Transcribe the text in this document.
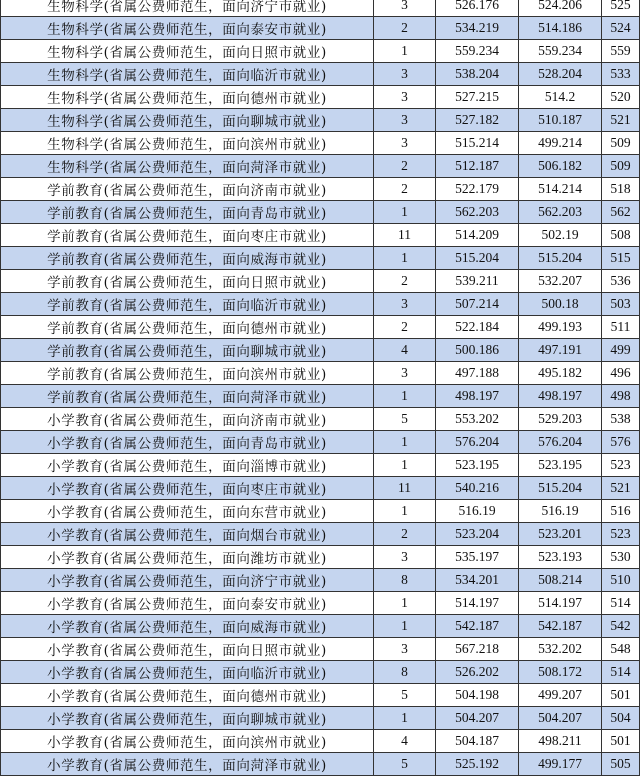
生物科学(省属公费师范生，面向济宁市就业)	3	526.176	524.206	525
生物科学(省属公费师范生，面向泰安市就业)	2	534.219	514.186	524
生物科学(省属公费师范生，面向日照市就业)	1	559.234	559.234	559
生物科学(省属公费师范生，面向临沂市就业)	3	538.204	528.204	533
生物科学(省属公费师范生，面向德州市就业)	3	527.215	514.2	520
生物科学(省属公费师范生，面向聊城市就业)	3	527.182	510.187	521
生物科学(省属公费师范生，面向滨州市就业)	3	515.214	499.214	509
生物科学(省属公费师范生，面向菏泽市就业)	2	512.187	506.182	509
学前教育(省属公费师范生，面向济南市就业)	2	522.179	514.214	518
学前教育(省属公费师范生，面向青岛市就业)	1	562.203	562.203	562
学前教育(省属公费师范生，面向枣庄市就业)	11	514.209	502.19	508
学前教育(省属公费师范生，面向威海市就业)	1	515.204	515.204	515
学前教育(省属公费师范生，面向日照市就业)	2	539.211	532.207	536
学前教育(省属公费师范生，面向临沂市就业)	3	507.214	500.18	503
学前教育(省属公费师范生，面向德州市就业)	2	522.184	499.193	511
学前教育(省属公费师范生，面向聊城市就业)	4	500.186	497.191	499
学前教育(省属公费师范生，面向滨州市就业)	3	497.188	495.182	496
学前教育(省属公费师范生，面向菏泽市就业)	1	498.197	498.197	498
小学教育(省属公费师范生，面向济南市就业)	5	553.202	529.203	538
小学教育(省属公费师范生，面向青岛市就业)	1	576.204	576.204	576
小学教育(省属公费师范生，面向淄博市就业)	1	523.195	523.195	523
小学教育(省属公费师范生，面向枣庄市就业)	11	540.216	515.204	521
小学教育(省属公费师范生，面向东营市就业)	1	516.19	516.19	516
小学教育(省属公费师范生，面向烟台市就业)	2	523.204	523.201	523
小学教育(省属公费师范生，面向潍坊市就业)	3	535.197	523.193	530
小学教育(省属公费师范生，面向济宁市就业)	8	534.201	508.214	510
小学教育(省属公费师范生，面向泰安市就业)	1	514.197	514.197	514
小学教育(省属公费师范生，面向威海市就业)	1	542.187	542.187	542
小学教育(省属公费师范生，面向日照市就业)	3	567.218	532.202	548
小学教育(省属公费师范生，面向临沂市就业)	8	526.202	508.172	514
小学教育(省属公费师范生，面向德州市就业)	5	504.198	499.207	501
小学教育(省属公费师范生，面向聊城市就业)	1	504.207	504.207	504
小学教育(省属公费师范生，面向滨州市就业)	4	504.187	498.211	501
小学教育(省属公费师范生，面向菏泽市就业)	5	525.192	499.177	505
